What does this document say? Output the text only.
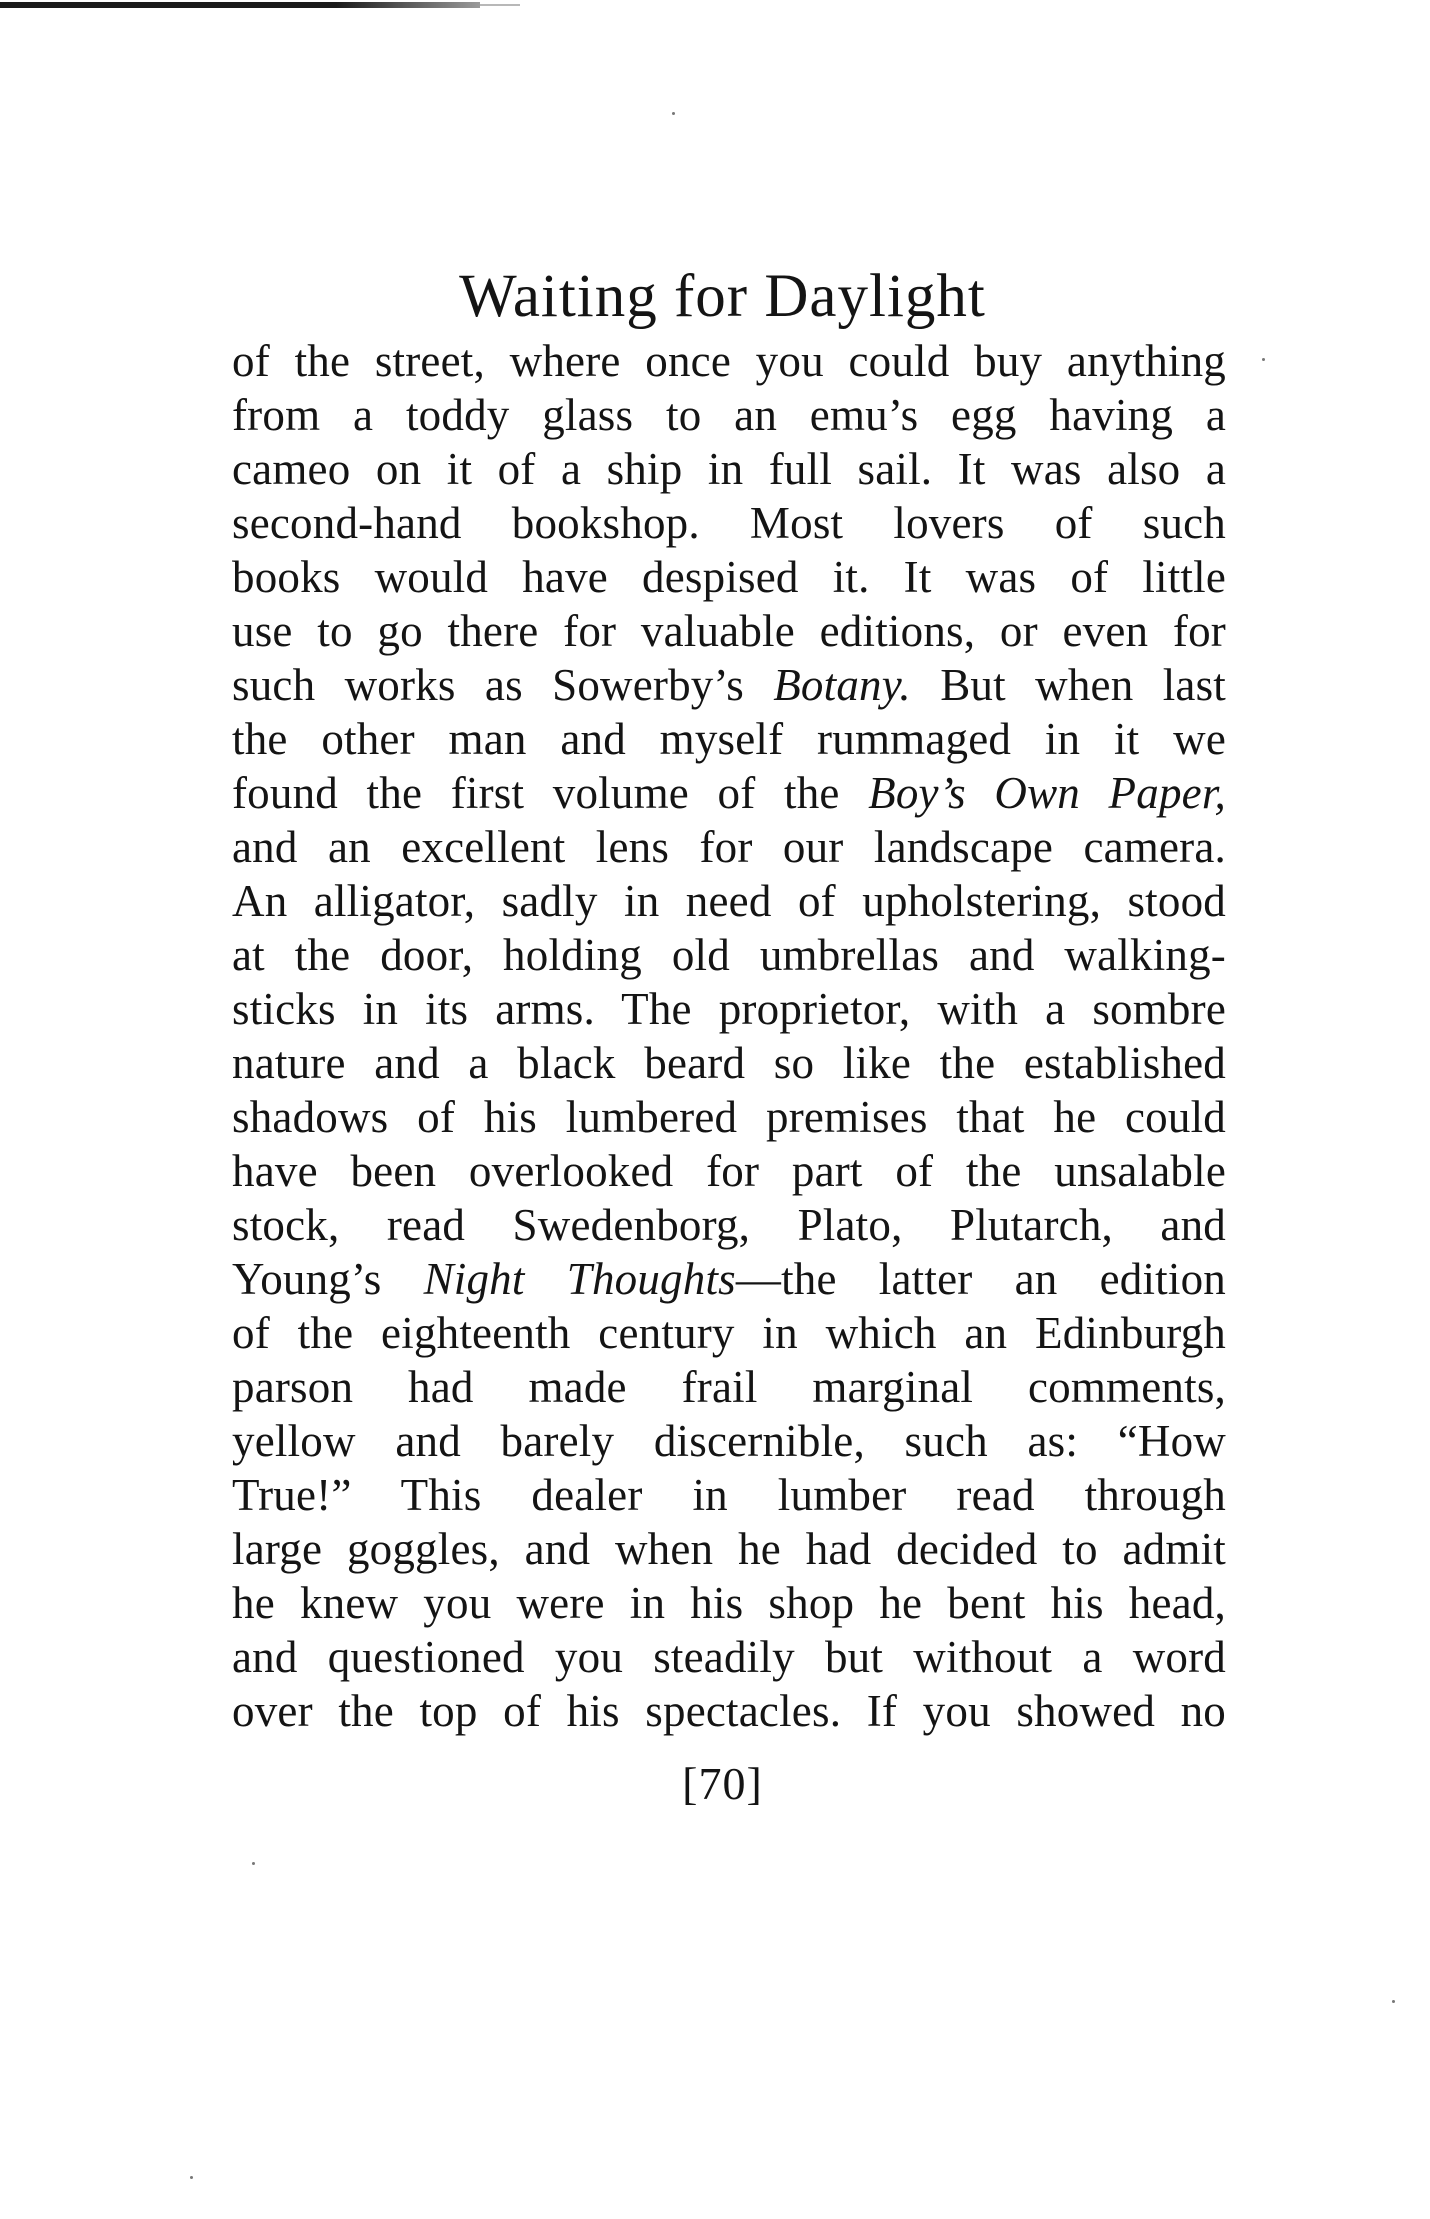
Waiting for Daylight
of the street, where once you could buy anything
from a toddy glass to an emu’s egg having a
cameo on it of a ship in full sail. It was also a
second-hand bookshop. Most lovers of such
books would have despised it. It was of little
use to go there for valuable editions, or even for
such works as Sowerby’s Botany. But when last
the other man and myself rummaged in it we
found the first volume of the Boy’s Own Paper,
and an excellent lens for our landscape camera.
An alligator, sadly in need of upholstering, stood
at the door, holding old umbrellas and walking-
sticks in its arms. The proprietor, with a sombre
nature and a black beard so like the established
shadows of his lumbered premises that he could
have been overlooked for part of the unsalable
stock, read Swedenborg, Plato, Plutarch, and
Young’s Night Thoughts—the latter an edition
of the eighteenth century in which an Edinburgh
parson had made frail marginal comments,
yellow and barely discernible, such as: “How
True!” This dealer in lumber read through
large goggles, and when he had decided to admit
he knew you were in his shop he bent his head,
and questioned you steadily but without a word
over the top of his spectacles. If you showed no
[70]
